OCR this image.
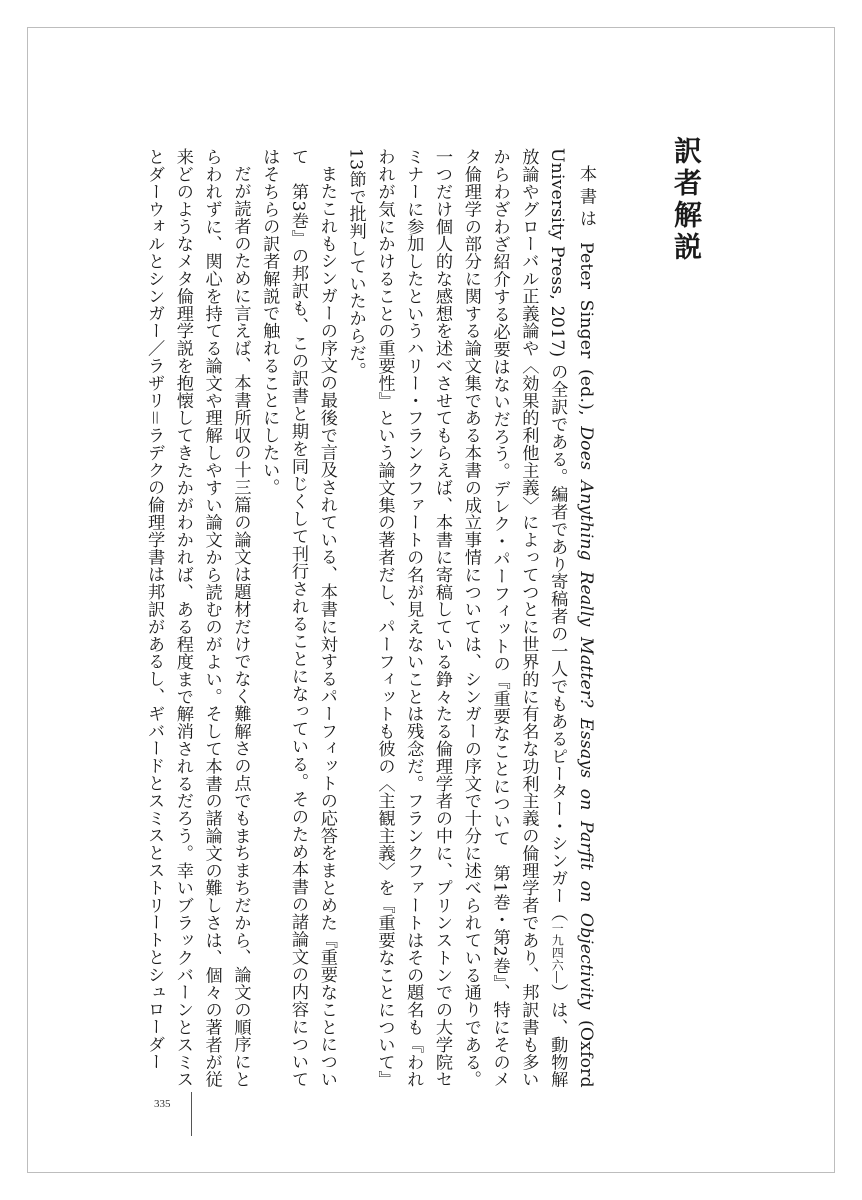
訳者解説

本書は Peter Singer (ed.), Does Anything Really Matter? Essays on Parfit on Objectivity (Oxford University Press, 2017) の全訳である。編者であり寄稿者の一人でもあるピーター・シンガー（一九四六―）は、動物解放論やグローバル正義論や〈効果的利他主義〉によってつとに世界的に有名な功利主義の倫理学者であり、邦訳書も多いからわざわざ紹介する必要はないだろう。デレク・パーフィットの『重要なことについて　第1巻・第2巻』、特にそのメタ倫理学の部分に関する論文集である本書の成立事情については、シンガーの序文で十分に述べられている通りである。一つだけ個人的な感想を述べさせてもらえば、本書に寄稿している錚々たる倫理学者の中に、プリンストンでの大学院セミナーに参加したというハリー・フランクファートの名が見えないことは残念だ。フランクファートはその題名も『われわれが気にかけることの重要性』という論文集の著者だし、パーフィットも彼の〈主観主義〉を『重要なことについて』13節で批判していたからだ。

またこれもシンガーの序文の最後で言及されている、本書に対するパーフィットの応答をまとめた『重要なことについて　第3巻』の邦訳も、この訳書と期を同じくして刊行されることになっている。そのため本書の諸論文の内容についてはそちらの訳者解説で触れることにしたい。

だが読者のために言えば、本書所収の十三篇の論文は題材だけでなく難解さの点でもまちまちだから、論文の順序にとらわれずに、関心を持てる論文や理解しやすい論文から読むのがよい。そして本書の諸論文の難しさは、個々の著者が従来どのようなメタ倫理学説を抱懐してきたかがわかれば、ある程度まで解消されるだろう。幸いブラックバーンとスミスとダーウォルとシンガー／ラザリ＝ラデクの倫理学書は邦訳があるし、ギバードとスミスとストリートとシュローダー

335
